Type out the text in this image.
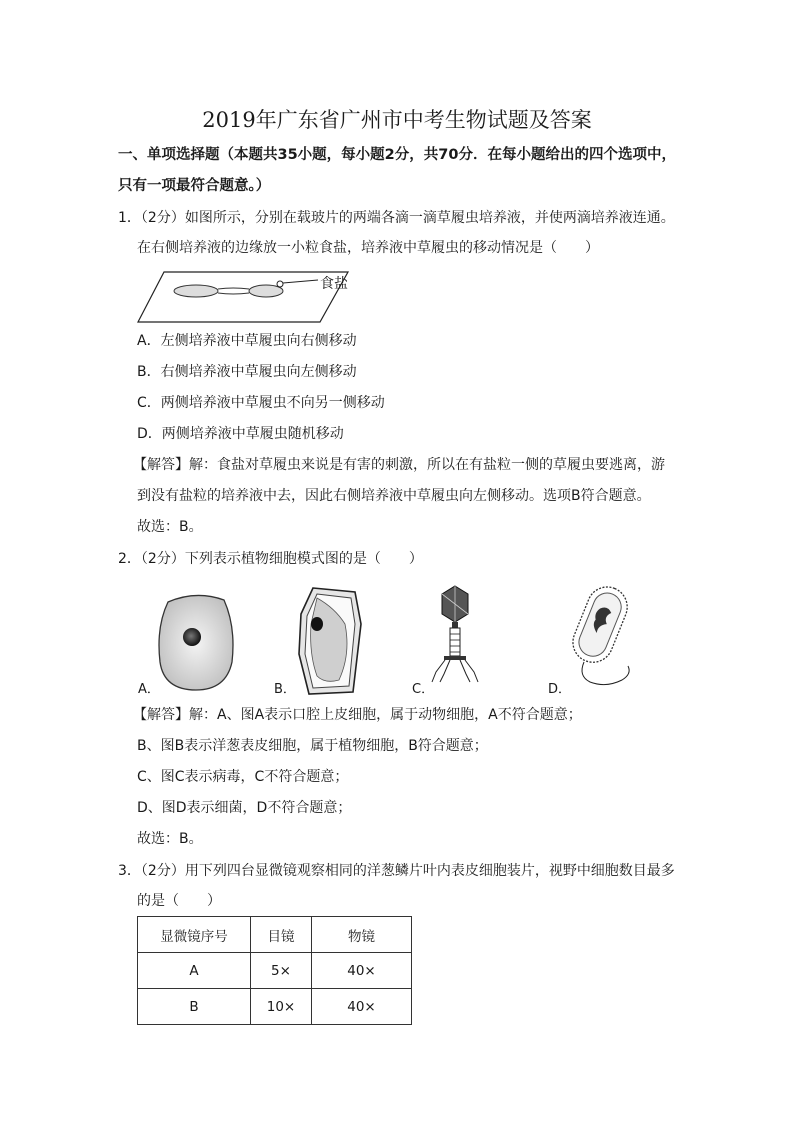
2019年广东省广州市中考生物试题及答案
一、单项选择题（本题共35小题，每小题2分，共70分．在每小题给出的四个选项中，
只有一项最符合题意。）
1．（2分）如图所示，分别在载玻片的两端各滴一滴草履虫培养液，并使两滴培养液连通。
在右侧培养液的边缘放一小粒食盐，培养液中草履虫的移动情况是（　　）
食盐
A．左侧培养液中草履虫向右侧移动
B．右侧培养液中草履虫向左侧移动
C．两侧培养液中草履虫不向另一侧移动
D．两侧培养液中草履虫随机移动
【解答】解：食盐对草履虫来说是有害的刺激，所以在有盐粒一侧的草履虫要逃离，游
到没有盐粒的培养液中去，因此右侧培养液中草履虫向左侧移动。选项B符合题意。
故选：B。
2．（2分）下列表示植物细胞模式图的是（　　）
A．	B．	C．	D．
【解答】解：A、图A表示口腔上皮细胞，属于动物细胞，A不符合题意；
B、图B表示洋葱表皮细胞，属于植物细胞，B符合题意；
C、图C表示病毒，C不符合题意；
D、图D表示细菌，D不符合题意；
故选：B。
3．（2分）用下列四台显微镜观察相同的洋葱鳞片叶内表皮细胞装片，视野中细胞数目最多
的是（　　）
显微镜序号	目镜	物镜
A	5×	40×
B	10×	40×
